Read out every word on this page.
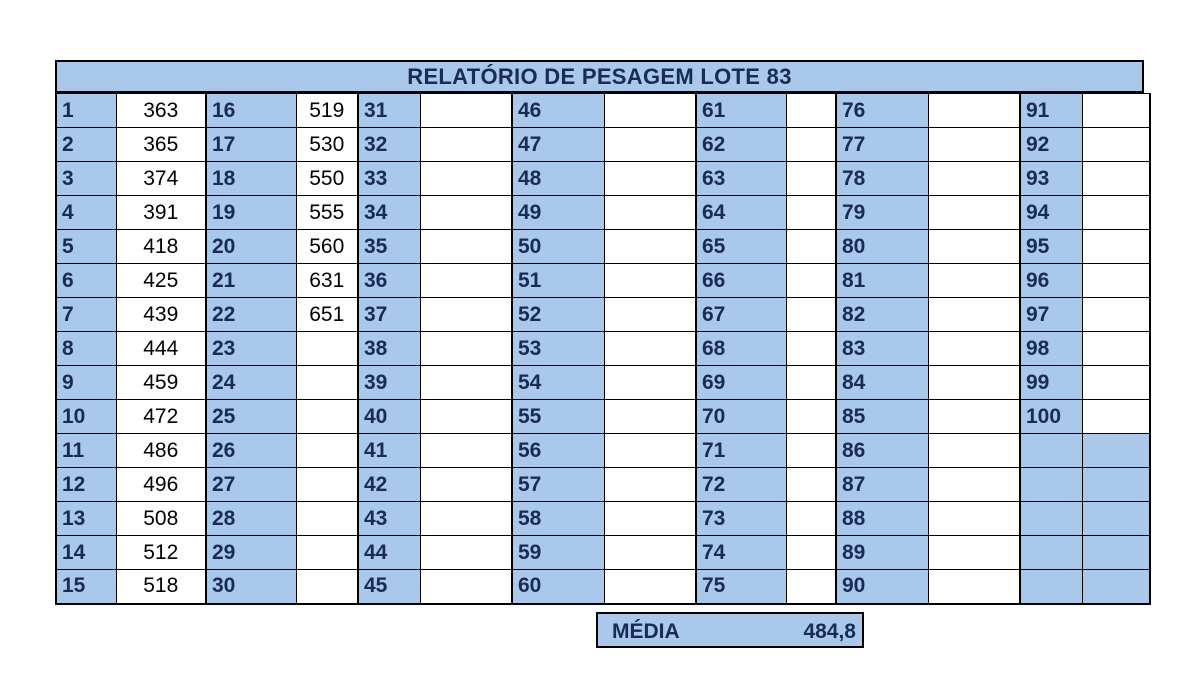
RELATÓRIO DE PESAGEM LOTE 83
1	363	16	519	31		46		61		76		91	
2	365	17	530	32		47		62		77		92	
3	374	18	550	33		48		63		78		93	
4	391	19	555	34		49		64		79		94	
5	418	20	560	35		50		65		80		95	
6	425	21	631	36		51		66		81		96	
7	439	22	651	37		52		67		82		97	
8	444	23		38		53		68		83		98	
9	459	24		39		54		69		84		99	
10	472	25		40		55		70		85		100	
11	486	26		41		56		71		86			
12	496	27		42		57		72		87			
13	508	28		43		58		73		88			
14	512	29		44		59		74		89			
15	518	30		45		60		75		90			
MÉDIA	484,8
